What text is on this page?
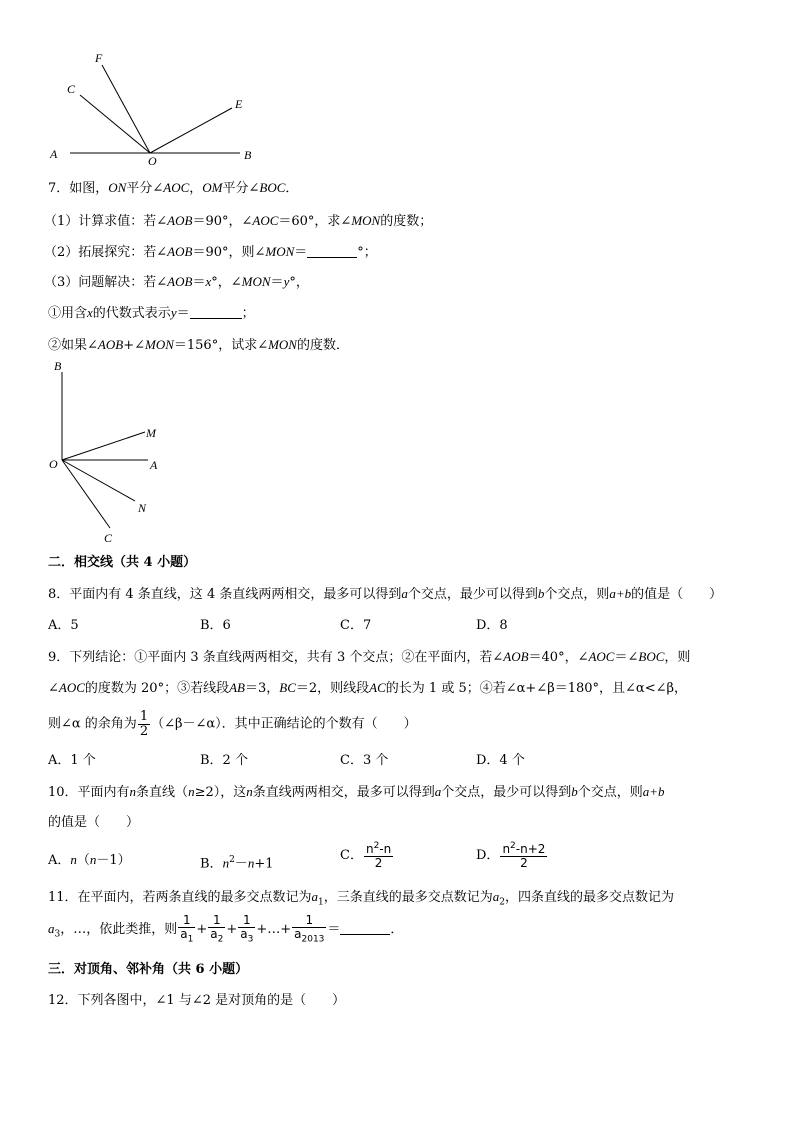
F
C
E
A	O	B
7．如图，ON平分∠AOC，OM平分∠BOC．
（1）计算求值：若∠AOB＝90°，∠AOC＝60°，求∠MON的度数；
（2）拓展探究：若∠AOB＝90°，则∠MON＝	°；
（3）问题解决：若∠AOB＝x°，∠MON＝y°，
①用含x的代数式表示y＝	；
②如果∠AOB+∠MON＝156°，试求∠MON的度数．
B
M
O	A
N
C
二．相交线（共 4 小题）
8．平面内有 4 条直线，这 4 条直线两两相交，最多可以得到a个交点，最少可以得到b个交点，则a+b的值是（　　）
A．5	B．6	C．7	D．8
9．下列结论：①平面内 3 条直线两两相交，共有 3 个交点；②在平面内，若∠AOB＝40°，∠AOC＝∠BOC，则
∠AOC的度数为 20°；③若线段AB＝3，BC＝2，则线段AC的长为 1 或 5；④若∠α+∠β＝180°，且∠α<∠β，
则∠α 的余角为 $\frac{1}{2}$ （∠β－∠α）．其中正确结论的个数有（　　）
A．1 个	B．2 个	C．3 个	D．4 个
10．平面内有n条直线（n≥2），这n条直线两两相交，最多可以得到a个交点，最少可以得到b个交点，则a+b
的值是（　　）
A．n（n－1）	B．$n^2-n+1$
C． $\frac{n^2-n}{2}$	D． $\frac{n^2-n+2}{2}$
11．在平面内，若两条直线的最多交点数记为$a_1$，三条直线的最多交点数记为$a_2$，四条直线的最多交点数记为
$a_3$，…，依此类推，则 $\frac{1}{a_1} + \frac{1}{a_2} + \frac{1}{a_3}$ +…+ $\frac{1}{a_{2013}}$ ＝	．
三．对顶角、邻补角（共 6 小题）
12．下列各图中，∠1 与∠2 是对顶角的是（　　）
